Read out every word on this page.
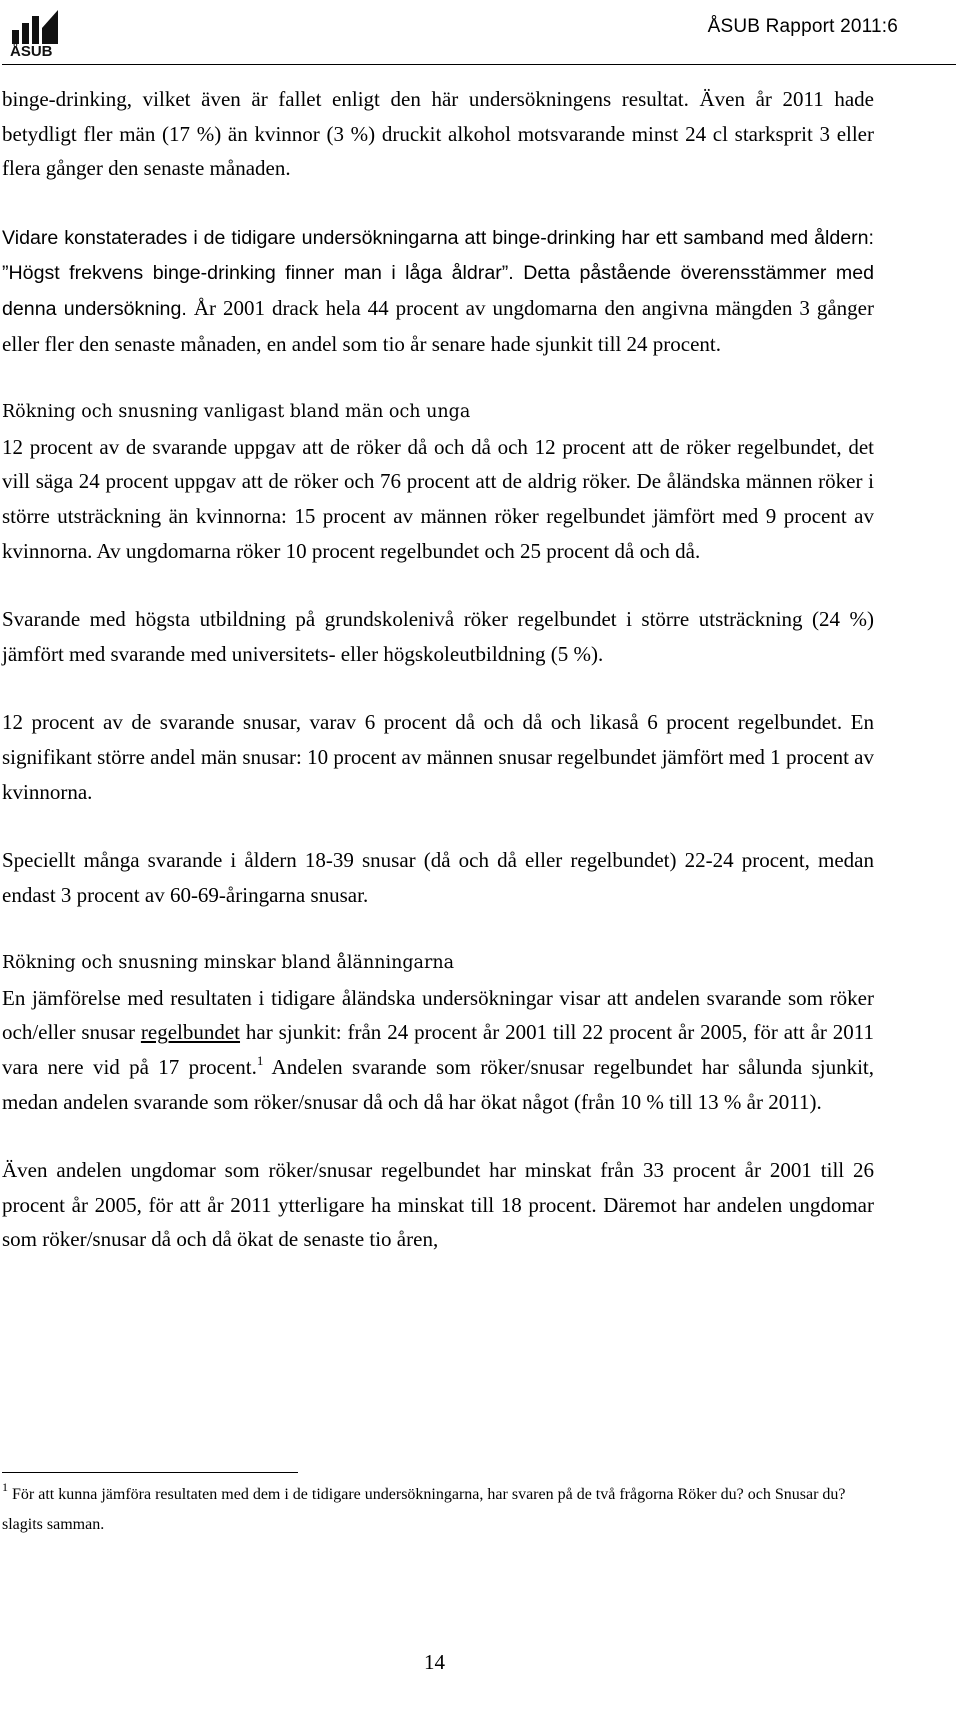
ÅSUB
ÅSUB Rapport 2011:6

binge-drinking, vilket även är fallet enligt den här undersökningens resultat. Även år 2011 hade betydligt fler män (17 %) än kvinnor (3 %) druckit alkohol motsvarande minst 24 cl starksprit 3 eller flera gånger den senaste månaden.

Vidare konstaterades i de tidigare undersökningarna att binge-drinking har ett samband med åldern: ”Högst frekvens binge-drinking finner man i låga åldrar”. Detta påstående överensstämmer med denna undersökning. År 2001 drack hela 44 procent av ungdomarna den angivna mängden 3 gånger eller fler den senaste månaden, en andel som tio år senare hade sjunkit till 24 procent.

Rökning och snusning vanligast bland män och unga

12 procent av de svarande uppgav att de röker då och då och 12 procent att de röker regelbundet, det vill säga 24 procent uppgav att de röker och 76 procent att de aldrig röker. De åländska männen röker i större utsträckning än kvinnorna: 15 procent av männen röker regelbundet jämfört med 9 procent av kvinnorna. Av ungdomarna röker 10 procent regelbundet och 25 procent då och då.

Svarande med högsta utbildning på grundskolenivå röker regelbundet i större utsträckning (24 %) jämfört med svarande med universitets- eller högskoleutbildning (5 %).

12 procent av de svarande snusar, varav 6 procent då och då och likaså 6 procent regelbundet. En signifikant större andel män snusar: 10 procent av männen snusar regelbundet jämfört med 1 procent av kvinnorna.

Speciellt många svarande i åldern 18-39 snusar (då och då eller regelbundet) 22-24 procent, medan endast 3 procent av 60-69-åringarna snusar.

Rökning och snusning minskar bland ålänningarna

En jämförelse med resultaten i tidigare åländska undersökningar visar att andelen svarande som röker och/eller snusar regelbundet har sjunkit: från 24 procent år 2001 till 22 procent år 2005, för att år 2011 vara nere vid på 17 procent.$^1$ Andelen svarande som röker/snusar regelbundet har sålunda sjunkit, medan andelen svarande som röker/snusar då och då har ökat något (från 10 % till 13 % år 2011).

Även andelen ungdomar som röker/snusar regelbundet har minskat från 33 procent år 2001 till 26 procent år 2005, för att år 2011 ytterligare ha minskat till 18 procent. Däremot har andelen ungdomar som röker/snusar då och då ökat de senaste tio åren,

$^1$ För att kunna jämföra resultaten med dem i de tidigare undersökningarna, har svaren på de två frågorna Röker du? och Snusar du? slagits samman.
14
